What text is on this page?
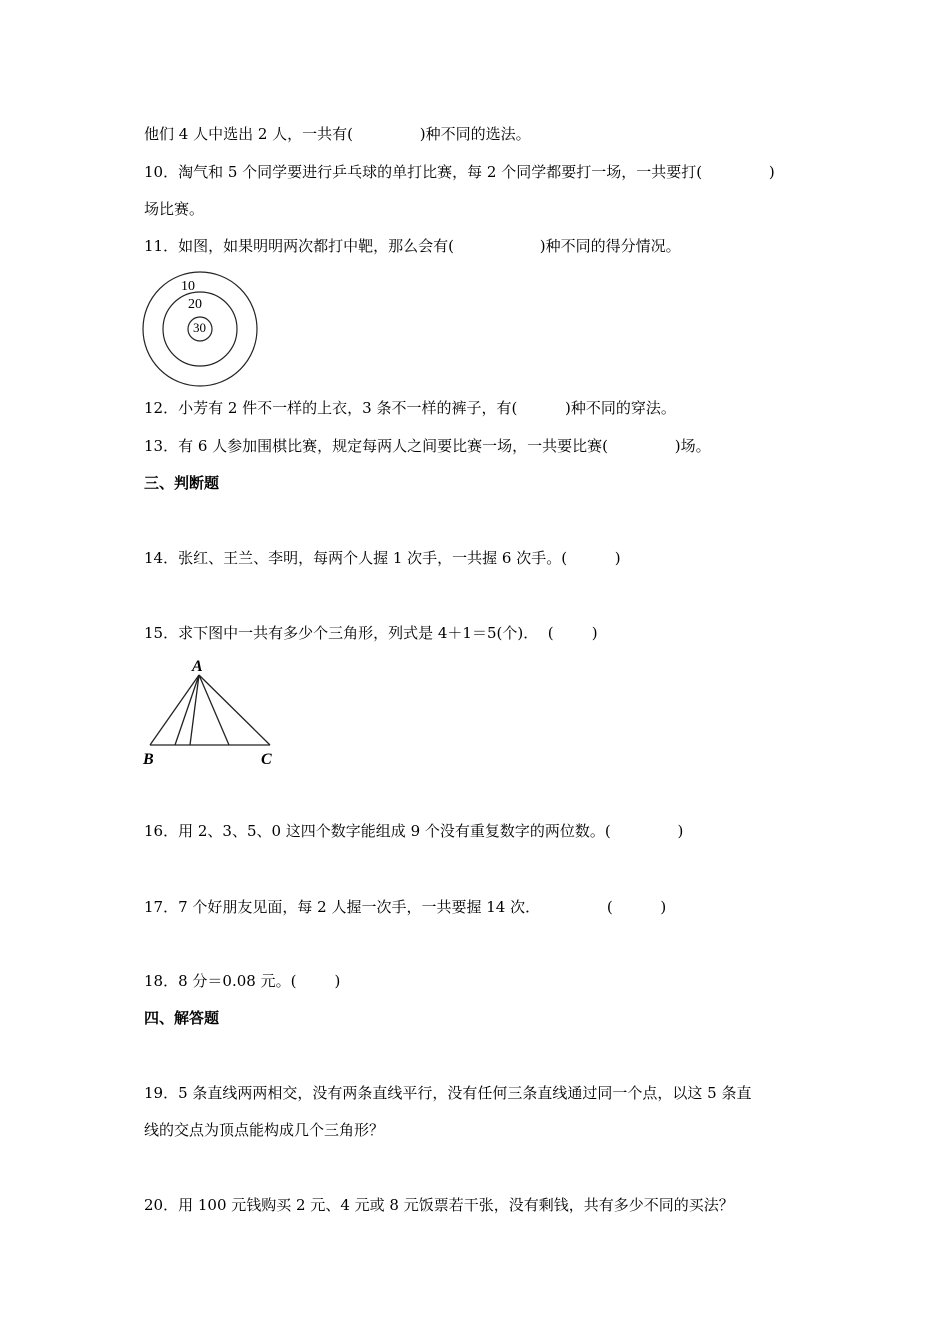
他们 4 人中选出 2 人，一共有(              )种不同的选法。
10．淘气和 5 个同学要进行乒乓球的单打比赛，每 2 个同学都要打一场，一共要打(              )
场比赛。
11．如图，如果明明两次都打中靶，那么会有(                  )种不同的得分情况。
10
20
30
12．小芳有 2 件不一样的上衣，3 条不一样的裤子，有(          )种不同的穿法。
13．有 6 人参加围棋比赛，规定每两人之间要比赛一场，一共要比赛(              )场。
三、判断题
14．张红、王兰、李明，每两个人握 1 次手，一共握 6 次手。(          )
15．求下图中一共有多少个三角形，列式是 4＋1＝5(个)．  (        )
A
B	C
16．用 2、3、5、0 这四个数字能组成 9 个没有重复数字的两位数。(              )
17．7 个好朋友见面，每 2 人握一次手，一共要握 14 次．              (          )
18．8 分＝0.08 元。(        )
四、解答题
19．5 条直线两两相交，没有两条直线平行，没有任何三条直线通过同一个点，以这 5 条直
线的交点为顶点能构成几个三角形？
20．用 100 元钱购买 2 元、4 元或 8 元饭票若干张，没有剩钱，共有多少不同的买法？
